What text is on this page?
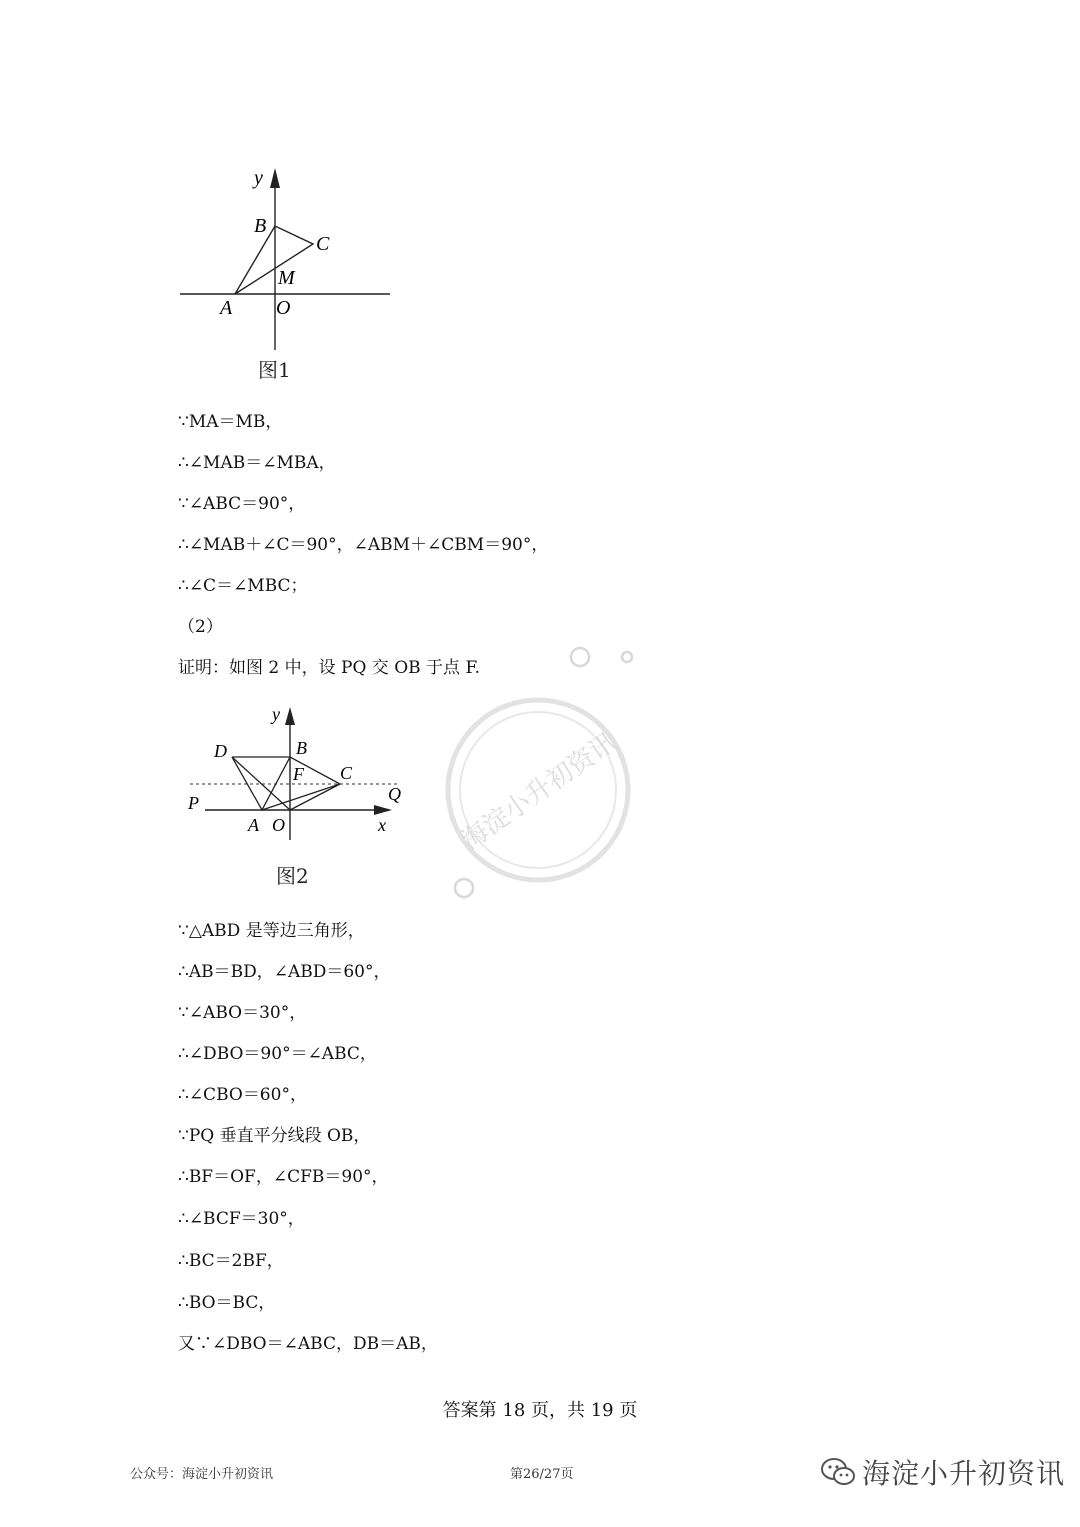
y
B
C
M
A O
图1
∵MA＝MB，
∴∠MAB＝∠MBA，
∵∠ABC＝90°，
∴∠MAB＋∠C＝90°，∠ABM＋∠CBM＝90°，
∴∠C＝∠MBC；
（2）
证明：如图 2 中，设 PQ 交 OB 于点 F.
y
D	B
F C
P	Q
A O	x
图2
海淀小升初资讯
∵△ABD 是等边三角形，
∴AB＝BD，∠ABD＝60°，
∵∠ABO＝30°，
∴∠DBO＝90°＝∠ABC，
∴∠CBO＝60°，
∵PQ 垂直平分线段 OB，
∴BF＝OF，∠CFB＝90°，
∴∠BCF＝30°，
∴BC＝2BF，
∴BO＝BC，
又∵∠DBO＝∠ABC，DB＝AB，
答案第 18 页，共 19 页
公众号：海淀小升初资讯	第26/27页	海淀小升初资讯
